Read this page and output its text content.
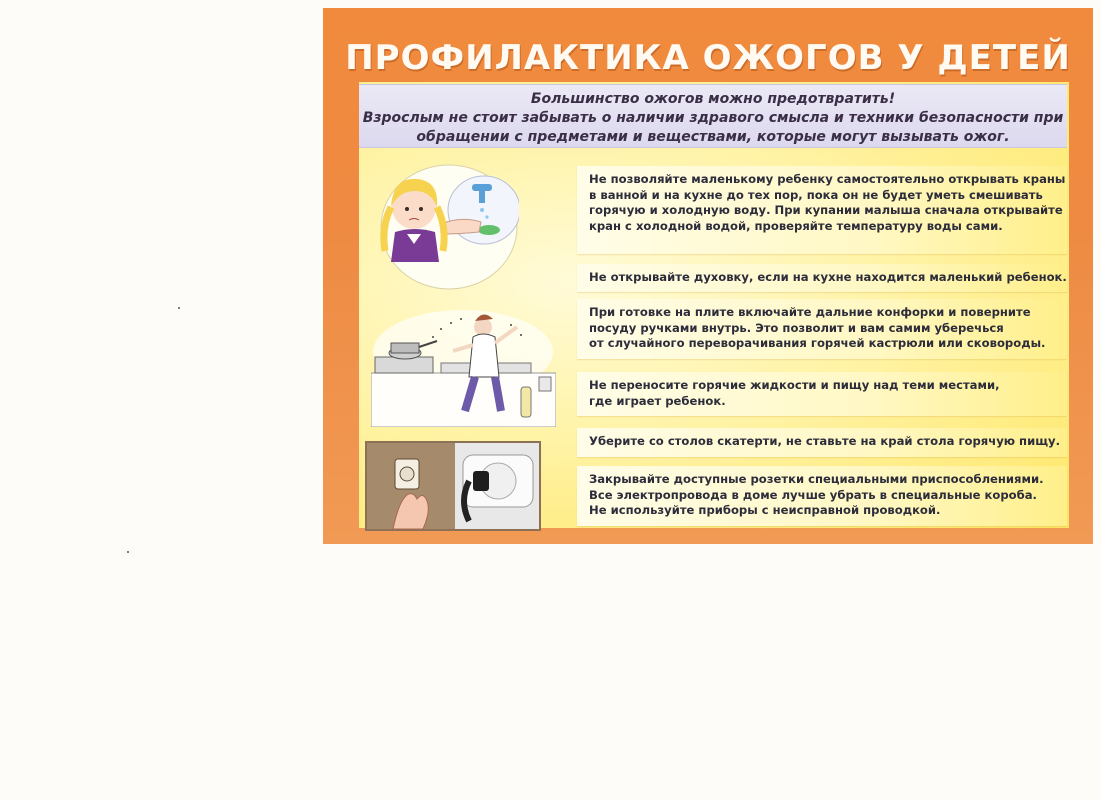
ПРОФИЛАКТИКА ОЖОГОВ У ДЕТЕЙ
Большинство ожогов можно предотвратить!
Взрослым не стоит забывать о наличии здравого смысла и техники безопасности при
обращении с предметами и веществами, которые могут вызывать ожог.
Не позволяйте маленькому ребенку самостоятельно открывать краны
в ванной и на кухне до тех пор, пока он не будет уметь смешивать
горячую и холодную воду. При купании малыша сначала открывайте
кран с холодной водой, проверяйте температуру воды сами.
Не открывайте духовку, если на кухне находится маленький ребенок.
При готовке на плите включайте дальние конфорки и поверните
посуду ручками внутрь. Это позволит и вам самим уберечься
от случайного переворачивания горячей кастрюли или сковороды.
Не переносите горячие жидкости и пищу над теми местами,
где играет ребенок.
Уберите со столов скатерти, не ставьте на край стола горячую пищу.
Закрывайте доступные розетки специальными приспособлениями.
Все электропровода в доме лучше убрать в специальные короба.
Не используйте приборы с неисправной проводкой.
